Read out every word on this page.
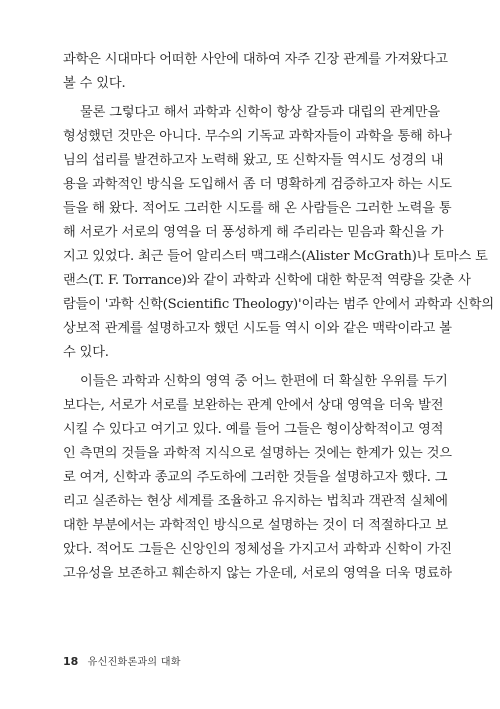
과학은 시대마다 어떠한 사안에 대하여 자주 긴장 관계를 가져왔다고
볼 수 있다.
물론 그렇다고 해서 과학과 신학이 항상 갈등과 대립의 관계만을
형성했던 것만은 아니다. 무수의 기독교 과학자들이 과학을 통해 하나
님의 섭리를 발견하고자 노력해 왔고, 또 신학자들 역시도 성경의 내
용을 과학적인 방식을 도입해서 좀 더 명확하게 검증하고자 하는 시도
들을 해 왔다. 적어도 그러한 시도를 해 온 사람들은 그러한 노력을 통
해 서로가 서로의 영역을 더 풍성하게 해 주리라는 믿음과 확신을 가
지고 있었다. 최근 들어 알리스터 맥그래스(Alister McGrath)나 토마스 토
랜스(T. F. Torrance)와 같이 과학과 신학에 대한 학문적 역량을 갖춘 사
람들이 '과학 신학(Scientific Theology)'이라는 범주 안에서 과학과 신학의
상보적 관계를 설명하고자 했던 시도들 역시 이와 같은 맥락이라고 볼
수 있다.
이들은 과학과 신학의 영역 중 어느 한편에 더 확실한 우위를 두기
보다는, 서로가 서로를 보완하는 관계 안에서 상대 영역을 더욱 발전
시킬 수 있다고 여기고 있다. 예를 들어 그들은 형이상학적이고 영적
인 측면의 것들을 과학적 지식으로 설명하는 것에는 한계가 있는 것으
로 여겨, 신학과 종교의 주도하에 그러한 것들을 설명하고자 했다. 그
리고 실존하는 현상 세계를 조율하고 유지하는 법칙과 객관적 실체에
대한 부분에서는 과학적인 방식으로 설명하는 것이 더 적절하다고 보
았다. 적어도 그들은 신앙인의 정체성을 가지고서 과학과 신학이 가진
고유성을 보존하고 훼손하지 않는 가운데, 서로의 영역을 더욱 명료하
18 유신진화론과의 대화
